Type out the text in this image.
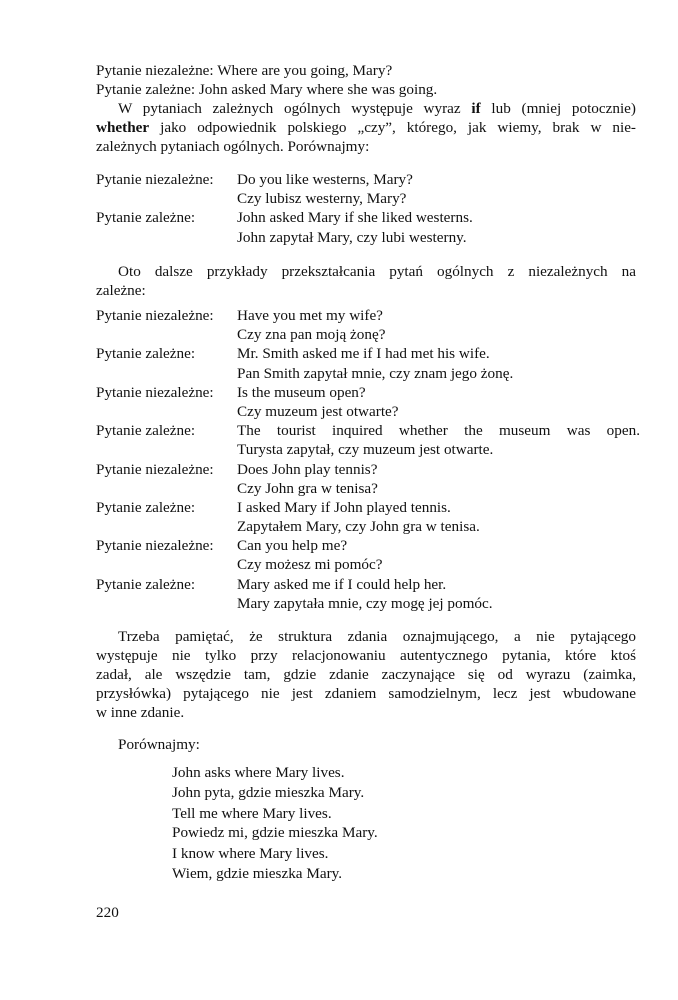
Pytanie niezależne: Where are you going, Mary?
Pytanie zależne: John asked Mary where she was going.
W pytaniach zależnych ogólnych występuje wyraz if lub (mniej potocznie)
whether jako odpowiednik polskiego „czy”, którego, jak wiemy, brak w nie-
zależnych pytaniach ogólnych. Porównajmy:
Pytanie niezależne:	Do you like westerns, Mary?
Czy lubisz westerny, Mary?
Pytanie zależne:	John asked Mary if she liked westerns.
John zapytał Mary, czy lubi westerny.
Oto dalsze przykłady przekształcania pytań ogólnych z niezależnych na
zależne:
Pytanie niezależne:	Have you met my wife?
Czy zna pan moją żonę?
Pytanie zależne:	Mr. Smith asked me if I had met his wife.
Pan Smith zapytał mnie, czy znam jego żonę.
Pytanie niezależne:	Is the museum open?
Czy muzeum jest otwarte?
Pytanie zależne:	The tourist inquired whether the museum was open.
Turysta zapytał, czy muzeum jest otwarte.
Pytanie niezależne:	Does John play tennis?
Czy John gra w tenisa?
Pytanie zależne:	I asked Mary if John played tennis.
Zapytałem Mary, czy John gra w tenisa.
Pytanie niezależne:	Can you help me?
Czy możesz mi pomóc?
Pytanie zależne:	Mary asked me if I could help her.
Mary zapytała mnie, czy mogę jej pomóc.
Trzeba pamiętać, że struktura zdania oznajmującego, a nie pytającego
występuje nie tylko przy relacjonowaniu autentycznego pytania, które ktoś
zadał, ale wszędzie tam, gdzie zdanie zaczynające się od wyrazu (zaimka,
przysłówka) pytającego nie jest zdaniem samodzielnym, lecz jest wbudowane
w inne zdanie.
Porównajmy:
John asks where Mary lives.
John pyta, gdzie mieszka Mary.
Tell me where Mary lives.
Powiedz mi, gdzie mieszka Mary.
I know where Mary lives.
Wiem, gdzie mieszka Mary.
220
